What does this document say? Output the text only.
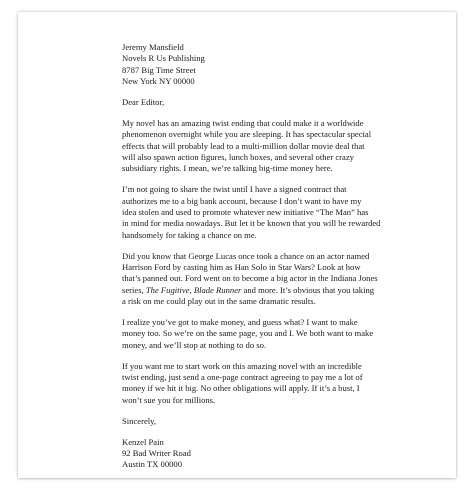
Jeremy Mansfield
Novels R Us Publishing
8787 Big Time Street
New York NY 00000

Dear Editor,

My novel has an amazing twist ending that could make it a worldwide
phenomenon overnight while you are sleeping. It has spectacular special
effects that will probably lead to a multi-million dollar movie deal that
will also spawn action figures, lunch boxes, and several other crazy
subsidiary rights. I mean, we’re talking big-time money here.

I’m not going to share the twist until I have a signed contract that
authorizes me to a big bank account, because I don’t want to have my
idea stolen and used to promote whatever new initiative “The Man” has
in mind for media nowadays. But let it be known that you will be rewarded
handsomely for taking a chance on me.

Did you know that George Lucas once took a chance on an actor named
Harrison Ford by casting him as Han Solo in Star Wars? Look at how
that’s panned out. Ford went on to become a big actor in the Indiana Jones
series, The Fugitive, Blade Runner and more. It’s obvious that you taking
a risk on me could play out in the same dramatic results.

I realize you’ve got to make money, and guess what? I want to make
money too. So we’re on the same page, you and I. We both want to make
money, and we’ll stop at nothing to do so.

If you want me to start work on this amazing novel with an incredible
twist ending, just send a one-page contract agreeing to pay me a lot of
money if we hit it big. No other obligations will apply. If it’s a bust, I
won’t sue you for millions.

Sincerely,

Kenzel Pain
92 Bad Writer Road
Austin TX 00000
